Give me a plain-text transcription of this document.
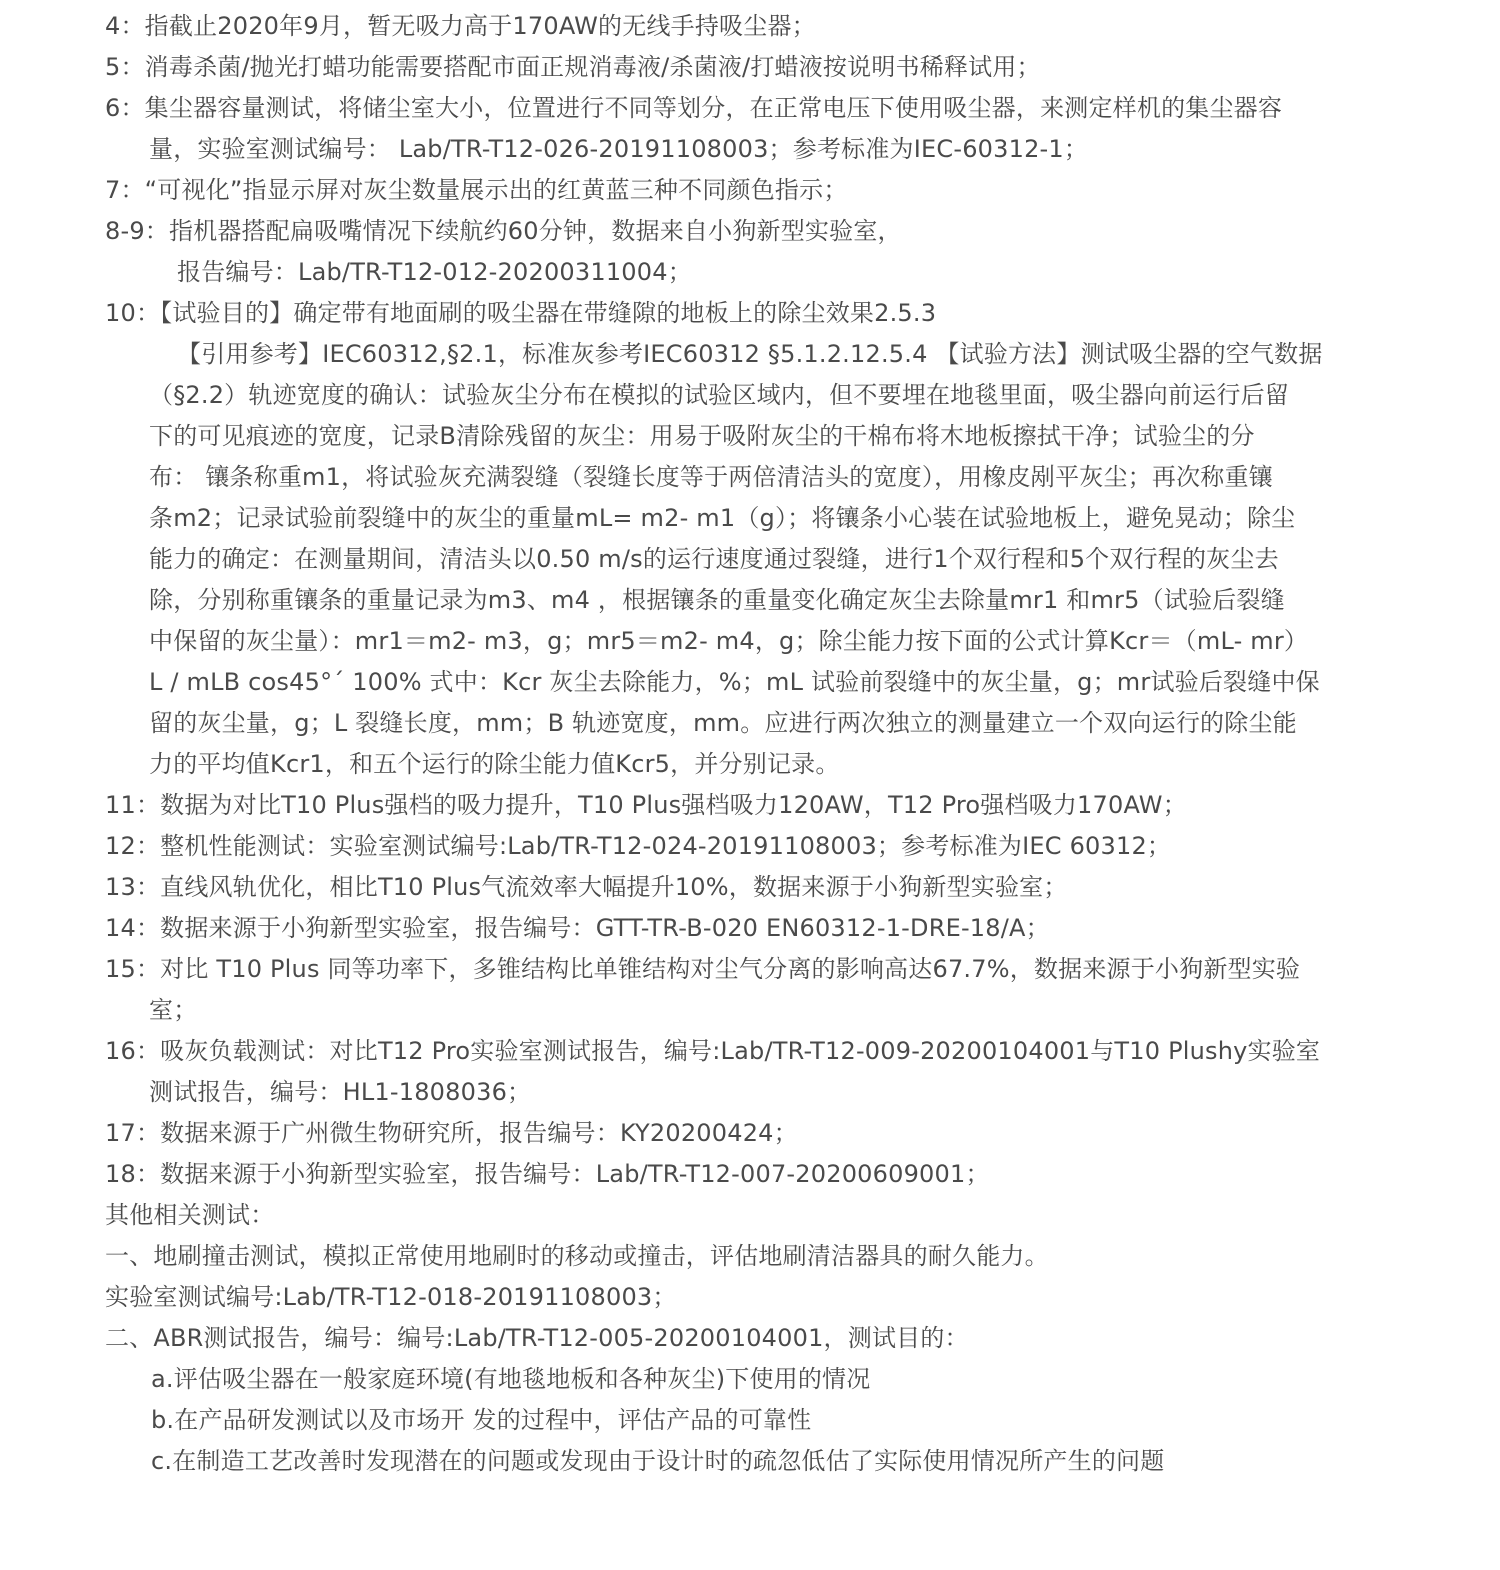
4：指截止2020年9月，暂无吸力高于170AW的无线手持吸尘器；
5：消毒杀菌/抛光打蜡功能需要搭配市面正规消毒液/杀菌液/打蜡液按说明书稀释试用；
6：集尘器容量测试，将储尘室大小，位置进行不同等划分，在正常电压下使用吸尘器，来测定样机的集尘器容
量，实验室测试编号： Lab/TR-T12-026-20191108003；参考标准为IEC-60312-1；
7：“可视化”指显示屏对灰尘数量展示出的红黄蓝三种不同颜色指示；
8-9：指机器搭配扁吸嘴情况下续航约60分钟，数据来自小狗新型实验室，
报告编号：Lab/TR-T12-012-20200311004；
10：【试验目的】确定带有地面刷的吸尘器在带缝隙的地板上的除尘效果2.5.3
【引用参考】IEC60312,§2.1，标准灰参考IEC60312 §5.1.2.12.5.4 【试验方法】测试吸尘器的空气数据
（§2.2）轨迹宽度的确认：试验灰尘分布在模拟的试验区域内，但不要埋在地毯里面，吸尘器向前运行后留
下的可见痕迹的宽度，记录B清除残留的灰尘：用易于吸附灰尘的干棉布将木地板擦拭干净；试验尘的分
布： 镶条称重m1，将试验灰充满裂缝（裂缝长度等于两倍清洁头的宽度），用橡皮剐平灰尘；再次称重镶
条m2；记录试验前裂缝中的灰尘的重量mL= m2- m1（g）；将镶条小心装在试验地板上，避免晃动；除尘
能力的确定：在测量期间，清洁头以0.50 m/s的运行速度通过裂缝，进行1个双行程和5个双行程的灰尘去
除，分别称重镶条的重量记录为m3、m4 ，根据镶条的重量变化确定灰尘去除量mr1 和mr5（试验后裂缝
中保留的灰尘量）：mr1＝m2- m3，g；mr5＝m2- m4，g；除尘能力按下面的公式计算Kcr＝（mL- mr）
L / mLB cos45°´ 100% 式中：Kcr 灰尘去除能力，%；mL 试验前裂缝中的灰尘量，g；mr试验后裂缝中保
留的灰尘量，g；L 裂缝长度，mm；B 轨迹宽度，mm。应进行两次独立的测量建立一个双向运行的除尘能
力的平均值Kcr1，和五个运行的除尘能力值Kcr5，并分别记录。
11：数据为对比T10 Plus强档的吸力提升，T10 Plus强档吸力120AW，T12 Pro强档吸力170AW；
12：整机性能测试：实验室测试编号:Lab/TR-T12-024-20191108003；参考标准为IEC 60312；
13：直线风轨优化，相比T10 Plus气流效率大幅提升10%，数据来源于小狗新型实验室；
14：数据来源于小狗新型实验室，报告编号：GTT-TR-B-020 EN60312-1-DRE-18/A；
15：对比 T10 Plus 同等功率下，多锥结构比单锥结构对尘气分离的影响高达67.7%，数据来源于小狗新型实验
室；
16：吸灰负载测试：对比T12 Pro实验室测试报告，编号:Lab/TR-T12-009-20200104001与T10 Plushy实验室
测试报告，编号：HL1-1808036；
17：数据来源于广州微生物研究所，报告编号：KY20200424；
18：数据来源于小狗新型实验室，报告编号：Lab/TR-T12-007-20200609001；
其他相关测试：
一、地刷撞击测试，模拟正常使用地刷时的移动或撞击，评估地刷清洁器具的耐久能力。
实验室测试编号:Lab/TR-T12-018-20191108003；
二、ABR测试报告，编号：编号:Lab/TR-T12-005-20200104001，测试目的：
a.评估吸尘器在一般家庭环境(有地毯地板和各种灰尘)下使用的情况
b.在产品研发测试以及市场开 发的过程中，评估产品的可靠性
c.在制造工艺改善时发现潜在的问题或发现由于设计时的疏忽低估了实际使用情况所产生的问题
